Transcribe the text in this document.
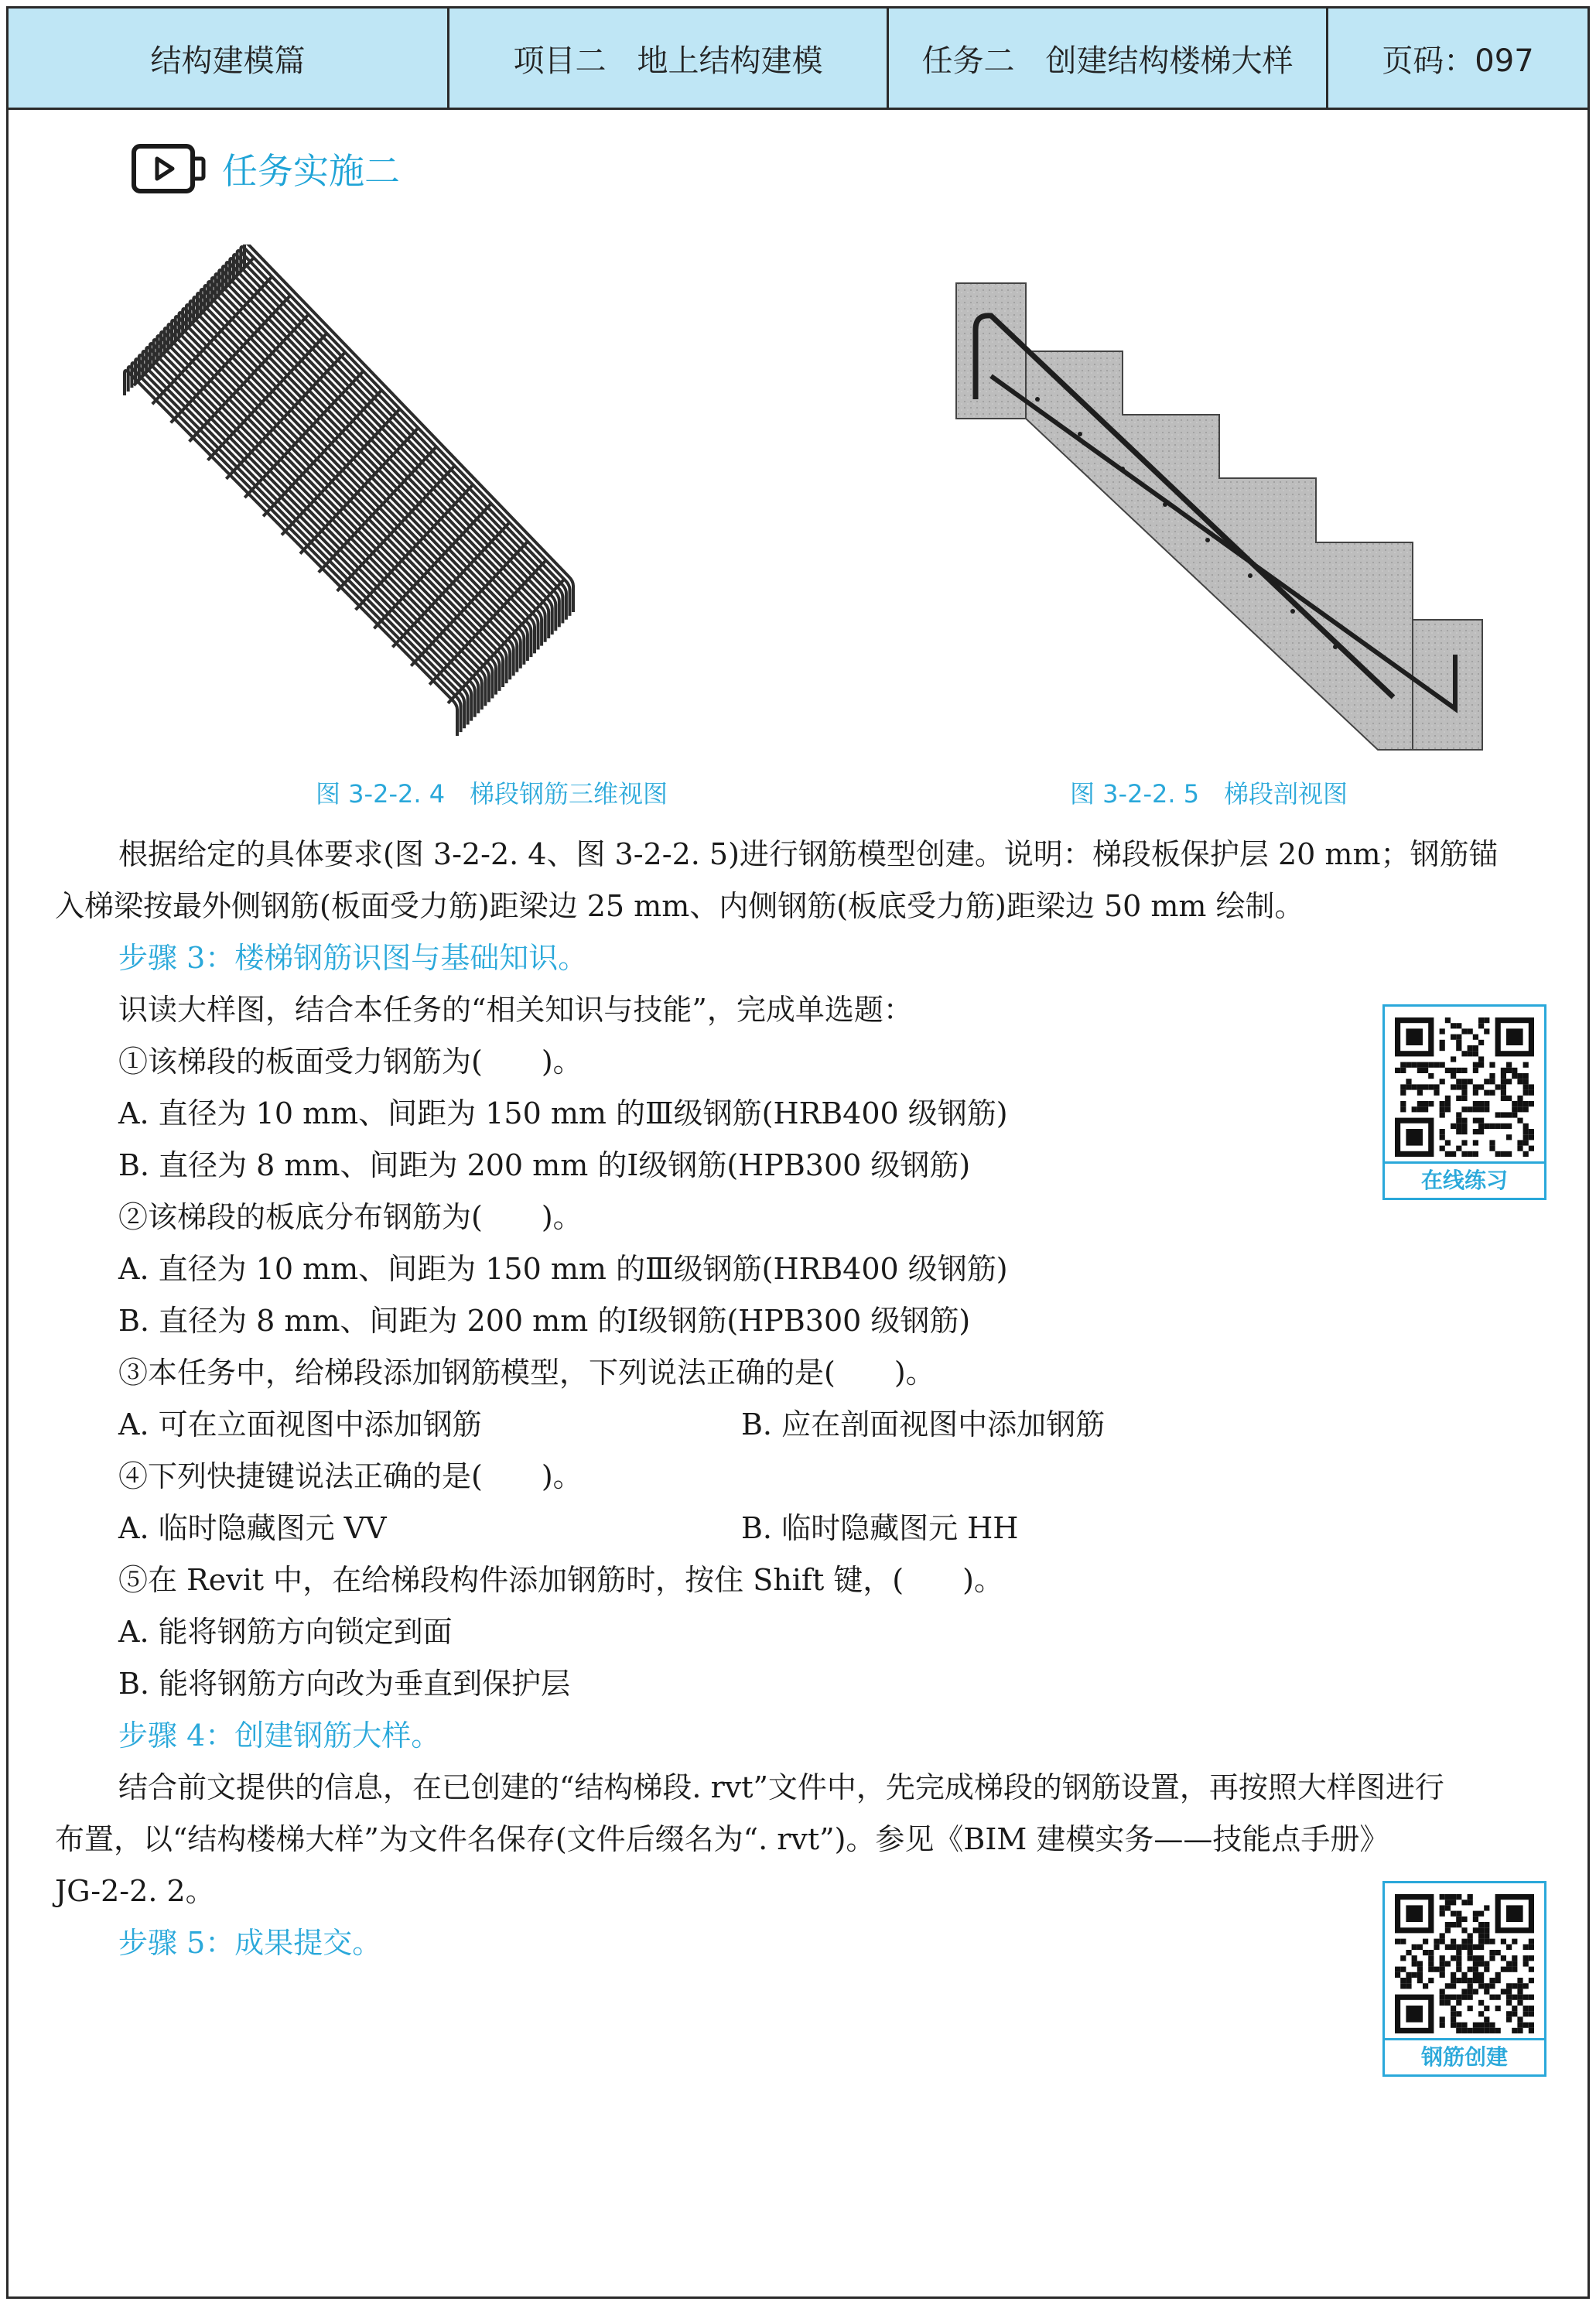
结构建模篇	项目二　地上结构建模	任务二　创建结构楼梯大样	页码：097
任务实施二
图 3-2-2. 4　梯段钢筋三维视图	图 3-2-2. 5　梯段剖视图
根据给定的具体要求(图 3-2-2. 4、图 3-2-2. 5)进行钢筋模型创建。说明：梯段板保护层 20 mm；钢筋锚
入梯梁按最外侧钢筋(板面受力筋)距梁边 25 mm、内侧钢筋(板底受力筋)距梁边 50 mm 绘制。
步骤 3：楼梯钢筋识图与基础知识。
识读大样图，结合本任务的“相关知识与技能”，完成单选题：
①该梯段的板面受力钢筋为(　　)。
A. 直径为 10 mm、间距为 150 mm 的Ⅲ级钢筋(HRB400 级钢筋)
B. 直径为 8 mm、间距为 200 mm 的Ⅰ级钢筋(HPB300 级钢筋)
②该梯段的板底分布钢筋为(　　)。
A. 直径为 10 mm、间距为 150 mm 的Ⅲ级钢筋(HRB400 级钢筋)
B. 直径为 8 mm、间距为 200 mm 的Ⅰ级钢筋(HPB300 级钢筋)
③本任务中，给梯段添加钢筋模型，下列说法正确的是(　　)。
A. 可在立面视图中添加钢筋	B. 应在剖面视图中添加钢筋
④下列快捷键说法正确的是(　　)。
A. 临时隐藏图元 VV	B. 临时隐藏图元 HH
⑤在 Revit 中，在给梯段构件添加钢筋时，按住 Shift 键，(　　)。
A. 能将钢筋方向锁定到面
B. 能将钢筋方向改为垂直到保护层
步骤 4：创建钢筋大样。
结合前文提供的信息，在已创建的“结构梯段. rvt”文件中，先完成梯段的钢筋设置，再按照大样图进行
布置，以“结构楼梯大样”为文件名保存(文件后缀名为“. rvt”)。参见《BIM 建模实务——技能点手册》
JG-2-2. 2。
步骤 5：成果提交。
在线练习
钢筋创建
